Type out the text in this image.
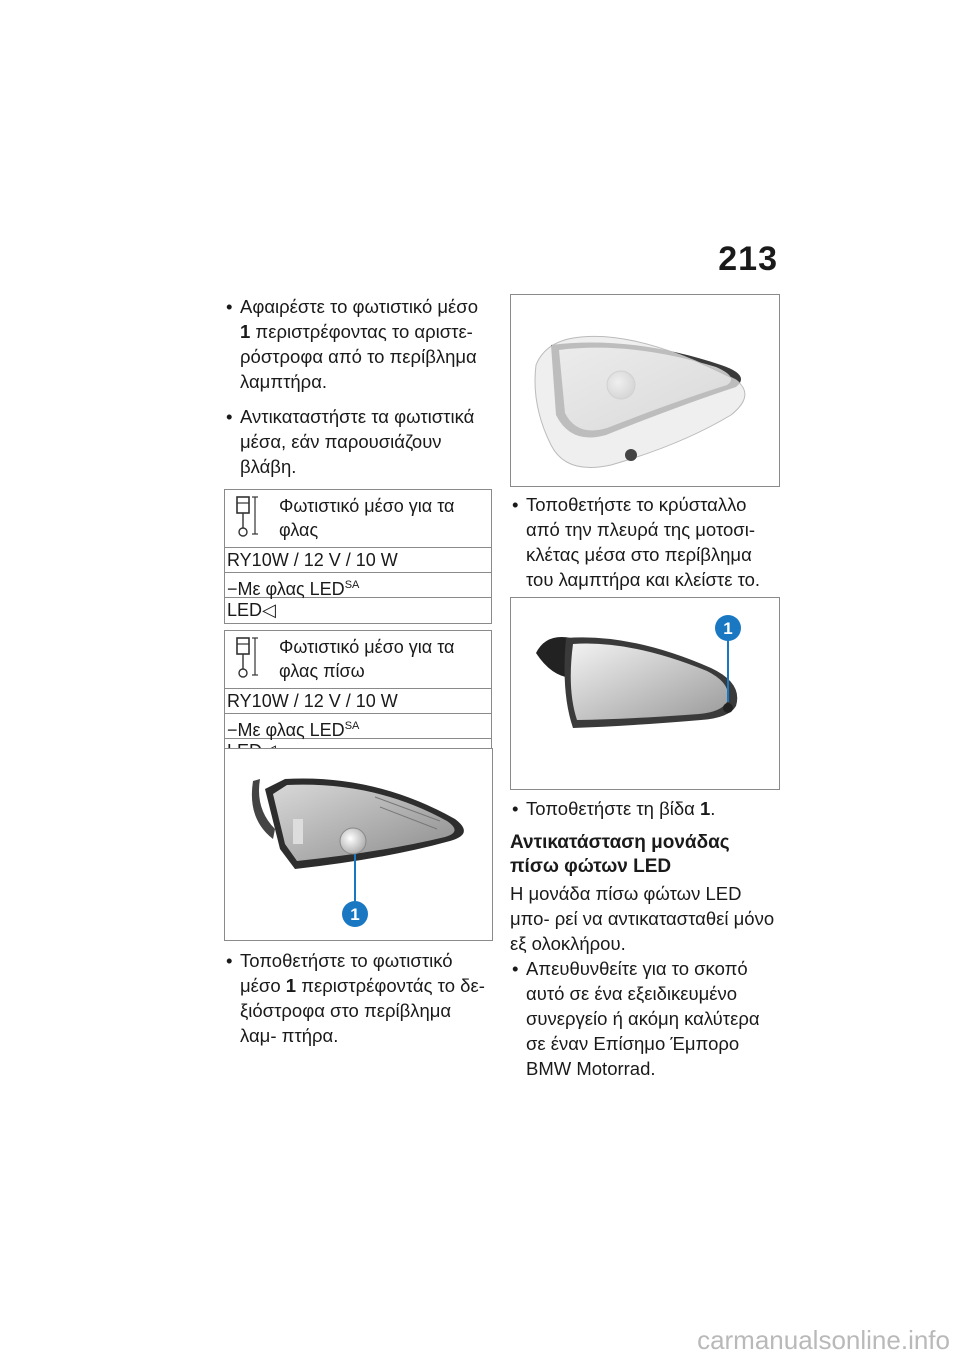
213
• Αφαιρέστε το φωτιστικό μέσο 1 περιστρέφοντας το αριστε- ρόστροφα από το περίβλημα λαμπτήρα.
• Αντικαταστήστε τα φωτιστικά μέσα, εάν παρουσιάζουν βλάβη.
Φωτιστικό μέσο για τα φλας
RY10W / 12 V / 10 W
−Με φλας $LED^{SA}$
LED◁
Φωτιστικό μέσο για τα φλας πίσω
RY10W / 12 V / 10 W
−Με φλας $LED^{SA}$
1
• Τοποθετήστε το φωτιστικό μέσο 1 περιστρέφοντάς το δε- ξιόστροφα στο περίβλημα λαμ- πτήρα.
• Τοποθετήστε το κρύσταλλο από την πλευρά της μοτοσι- κλέτας μέσα στο περίβλημα του λαμπτήρα και κλείστε το.
1
• Τοποθετήστε τη βίδα 1.
Αντικατάσταση μονάδας πίσω φώτων LED
Η μονάδα πίσω φώτων LED μπο- ρεί να αντικατασταθεί μόνο εξ ολοκλήρου.
• Απευθυνθείτε για το σκοπό αυτό σε ένα εξειδικευμένο συνεργείο ή ακόμη καλύτερα σε έναν Επίσημο Έμπορο BMW Motorrad.
carmanualsonline.info
